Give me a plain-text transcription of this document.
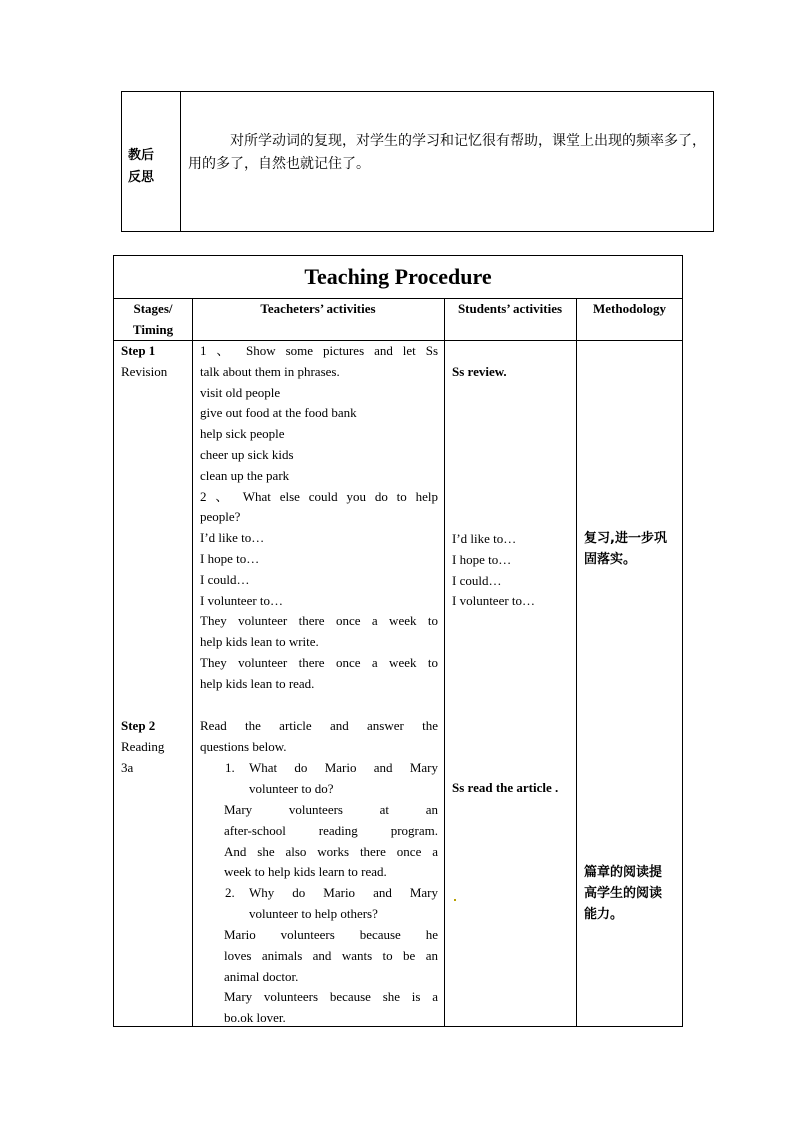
教后
反思
对所学动词的复现，对学生的学习和记忆很有帮助，课堂上出现的频率多了，用的多了，自然也就记住了。
Teaching Procedure
Stages/
Timing
Teacheters’ activities	Students’ activities	Methodology
Step 1
Revision
1 、 Show some pictures and let Ss
talk about them in phrases.
visit old people
give out food at the food bank
help sick people
cheer up sick kids
clean up the park
2 、 What else could you do to help
people?
I’d like to…
I hope to…
I could…
I volunteer to…
They volunteer there once a week to
help kids lean to write.
They volunteer there once a week to
help kids lean to read.
Ss review.
I’d like to…
I hope to…
I could…
I volunteer to…
复习,进一步巩
固落实。
Step 2
Reading
3a
Read the article and answer the
questions below.
1. What do Mario and Mary
volunteer to do?
Mary volunteers at an
after-school reading program.
And she also works there once a
week to help kids learn to read.
2. Why do Mario and Mary
volunteer to help others?
Mario volunteers because he
loves animals and wants to be an
animal doctor.
Mary volunteers because she is a
bo.ok lover.
Ss read the article .
篇章的阅读提
高学生的阅读
能力。
